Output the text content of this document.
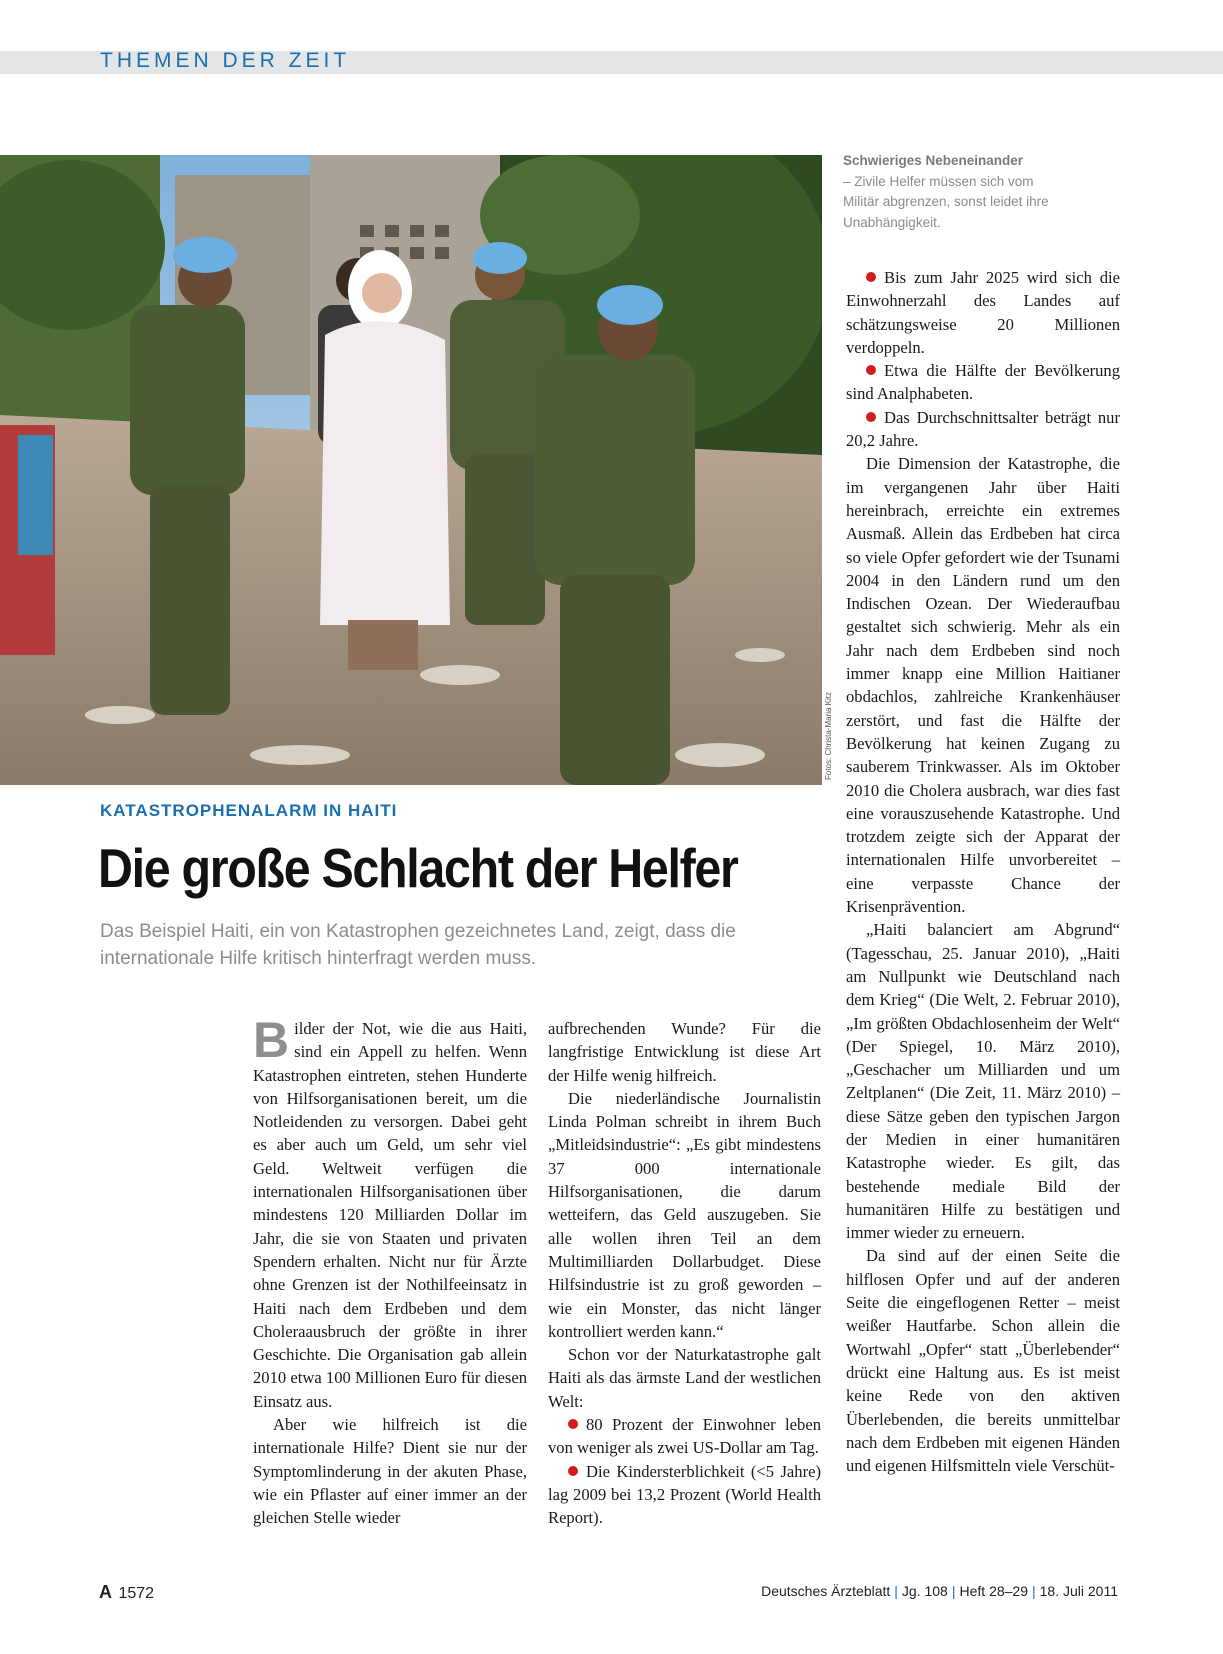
THEMEN DER ZEIT
Fotos: Christa-Maria Kitz
Schwieriges Nebeneinander
– Zivile Helfer müssen sich vom Militär abgrenzen, sonst leidet ihre Unabhängigkeit.
KATASTROPHENALARM IN HAITI
Die große Schlacht der Helfer
Das Beispiel Haiti, ein von Katastrophen gezeichnetes Land, zeigt, dass die internationale Hilfe kritisch hinterfragt werden muss.

Bilder der Not, wie die aus Haiti, sind ein Appell zu helfen. Wenn Katastrophen eintreten, stehen Hunderte von Hilfsorganisationen bereit, um die Notleidenden zu versorgen. Dabei geht es aber auch um Geld, um sehr viel Geld. Weltweit verfügen die internationalen Hilfsorganisationen über mindestens 120 Milliarden Dollar im Jahr, die sie von Staaten und privaten Spendern erhalten. Nicht nur für Ärzte ohne Grenzen ist der Nothilfeeinsatz in Haiti nach dem Erdbeben und dem Choleraausbruch der größte in ihrer Geschichte. Die Organisation gab allein 2010 etwa 100 Millionen Euro für diesen Einsatz aus.

Aber wie hilfreich ist die internationale Hilfe? Dient sie nur der Symptomlinderung in der akuten Phase, wie ein Pflaster auf einer immer an der gleichen Stelle wieder

aufbrechenden Wunde? Für die langfristige Entwicklung ist diese Art der Hilfe wenig hilfreich.

Die niederländische Journalistin Linda Polman schreibt in ihrem Buch „Mitleidsindustrie“: „Es gibt mindestens 37 000 internationale Hilfsorganisationen, die darum wetteifern, das Geld auszugeben. Sie alle wollen ihren Teil an dem Multimilliarden Dollarbudget. Diese Hilfsindustrie ist zu groß geworden – wie ein Monster, das nicht länger kontrolliert werden kann.“

Schon vor der Naturkatastrophe galt Haiti als das ärmste Land der westlichen Welt:

80 Prozent der Einwohner leben von weniger als zwei US-Dollar am Tag.

Die Kindersterblichkeit (<5 Jahre) lag 2009 bei 13,2 Prozent (World Health Report).

Bis zum Jahr 2025 wird sich die Einwohnerzahl des Landes auf schätzungsweise 20 Millionen verdoppeln.

Etwa die Hälfte der Bevölkerung sind Analphabeten.

Das Durchschnittsalter beträgt nur 20,2 Jahre.

Die Dimension der Katastrophe, die im vergangenen Jahr über Haiti hereinbrach, erreichte ein extremes Ausmaß. Allein das Erdbeben hat circa so viele Opfer gefordert wie der Tsunami 2004 in den Ländern rund um den Indischen Ozean. Der Wiederaufbau gestaltet sich schwierig. Mehr als ein Jahr nach dem Erdbeben sind noch immer knapp eine Million Haitianer obdachlos, zahlreiche Krankenhäuser zerstört, und fast die Hälfte der Bevölkerung hat keinen Zugang zu sauberem Trinkwasser. Als im Oktober 2010 die Cholera ausbrach, war dies fast eine vorauszusehende Katastrophe. Und trotzdem zeigte sich der Apparat der internationalen Hilfe unvorbereitet – eine verpasste Chance der Krisenprävention.

„Haiti balanciert am Abgrund“ (Tagesschau, 25. Januar 2010), „Haiti am Nullpunkt wie Deutschland nach dem Krieg“ (Die Welt, 2. Februar 2010), „Im größten Obdachlosenheim der Welt“ (Der Spiegel, 10. März 2010), „Geschacher um Milliarden und um Zeltplanen“ (Die Zeit, 11. März 2010) – diese Sätze geben den typischen Jargon der Medien in einer humanitären Katastrophe wieder. Es gilt, das bestehende mediale Bild der humanitären Hilfe zu bestätigen und immer wieder zu erneuern.

Da sind auf der einen Seite die hilflosen Opfer und auf der anderen Seite die eingeflogenen Retter – meist weißer Hautfarbe. Schon allein die Wortwahl „Opfer“ statt „Überlebender“ drückt eine Haltung aus. Es ist meist keine Rede von den aktiven Überlebenden, die bereits unmittelbar nach dem Erdbeben mit eigenen Händen und eigenen Hilfsmitteln viele Verschüt-

A 1572	Deutsches Ärzteblatt | Jg. 108 | Heft 28–29 | 18. Juli 2011
